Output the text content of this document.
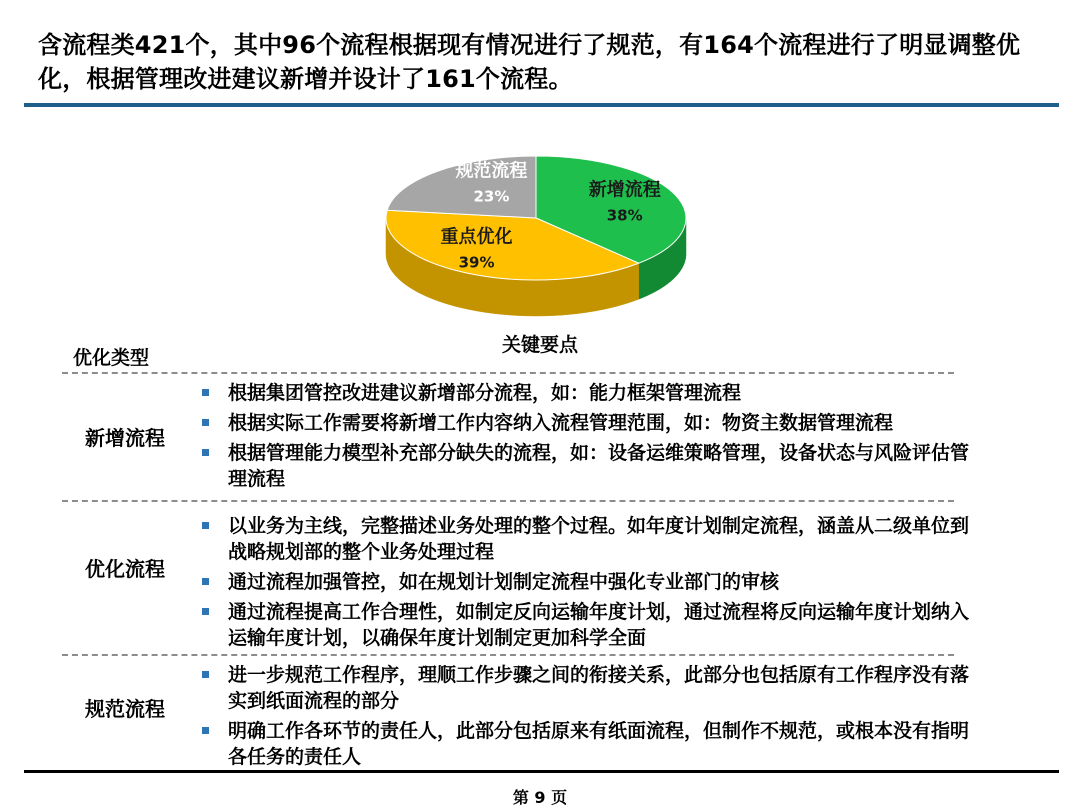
含流程类421个，其中96个流程根据现有情况进行了规范，有164个流程进行了明显调整优化，根据管理改进建议新增并设计了161个流程。
新增流程
38%
重点优化
39%
规范流程
23%
关键要点
优化类型
新增流程
根据集团管控改进建议新增部分流程，如：能力框架管理流程
根据实际工作需要将新增工作内容纳入流程管理范围，如：物资主数据管理流程
根据管理能力模型补充部分缺失的流程，如：设备运维策略管理，设备状态与风险评估管理流程
优化流程
以业务为主线，完整描述业务处理的整个过程。如年度计划制定流程，涵盖从二级单位到战略规划部的整个业务处理过程
通过流程加强管控，如在规划计划制定流程中强化专业部门的审核
通过流程提高工作合理性，如制定反向运输年度计划，通过流程将反向运输年度计划纳入运输年度计划，以确保年度计划制定更加科学全面
规范流程
进一步规范工作程序，理顺工作步骤之间的衔接关系，此部分也包括原有工作程序没有落实到纸面流程的部分
明确工作各环节的责任人，此部分包括原来有纸面流程，但制作不规范，或根本没有指明各任务的责任人
第 9 页
